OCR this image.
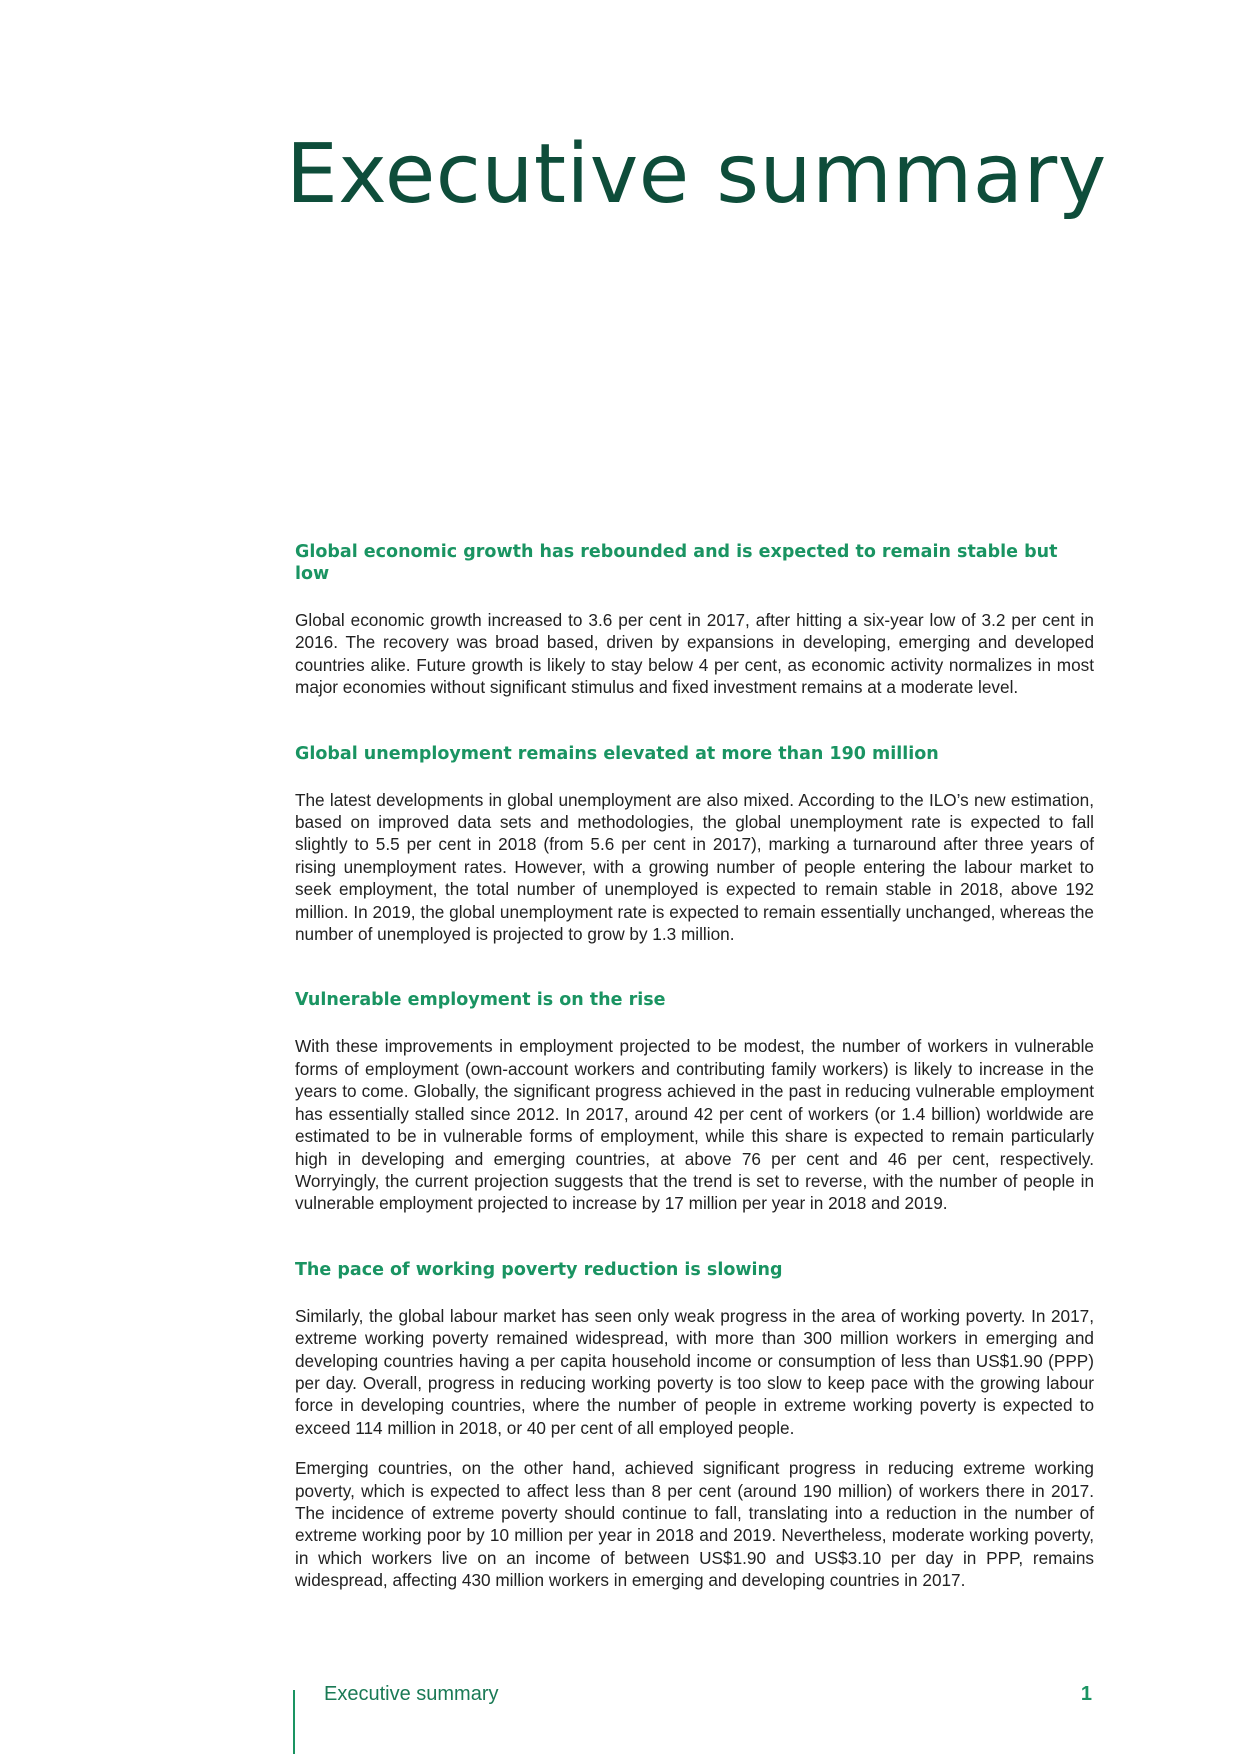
Executive summary
Global economic growth has rebounded and is expected to remain stable but low

Global economic growth increased to 3.6 per cent in 2017, after hitting a six-year low of 3.2 per cent in 2016. The recovery was broad based, driven by expansions in developing, emerging and developed countries alike. Future growth is likely to stay below 4 per cent, as economic activity normalizes in most major economies without significant stimulus and fixed investment remains at a moderate level.

Global unemployment remains elevated at more than 190 million

The latest developments in global unemployment are also mixed. According to the ILO’s new estimation, based on improved data sets and methodologies, the global unemployment rate is expected to fall slightly to 5.5 per cent in 2018 (from 5.6 per cent in 2017), marking a turnaround after three years of rising unemployment rates. However, with a growing number of people entering the labour market to seek employment, the total number of unemployed is expected to remain stable in 2018, above 192 million. In 2019, the global unemployment rate is expected to remain essentially unchanged, whereas the number of unemployed is projected to grow by 1.3 million.

Vulnerable employment is on the rise

With these improvements in employment projected to be modest, the number of workers in vulnerable forms of employment (own-account workers and contributing family workers) is likely to increase in the years to come. Globally, the significant progress achieved in the past in reducing vulnerable employment has essentially stalled since 2012. In 2017, around 42 per cent of workers (or 1.4 billion) worldwide are estimated to be in vulnerable forms of employment, while this share is expected to remain particularly high in developing and emerging countries, at above 76 per cent and 46 per cent, respectively. Worryingly, the current projection suggests that the trend is set to reverse, with the number of people in vulnerable employment projected to increase by 17 million per year in 2018 and 2019.

The pace of working poverty reduction is slowing

Similarly, the global labour market has seen only weak progress in the area of working poverty. In 2017, extreme working poverty remained widespread, with more than 300 million workers in emerging and developing countries having a per capita household income or consumption of less than US$1.90 (PPP) per day. Overall, progress in reducing working poverty is too slow to keep pace with the growing labour force in developing countries, where the number of people in extreme working poverty is expected to exceed 114 million in 2018, or 40 per cent of all employed people.

Emerging countries, on the other hand, achieved significant progress in reducing extreme working poverty, which is expected to affect less than 8 per cent (around 190 million) of workers there in 2017. The incidence of extreme poverty should continue to fall, translating into a reduction in the number of extreme working poor by 10 million per year in 2018 and 2019. Nevertheless, moderate working poverty, in which workers live on an income of between US$1.90 and US$3.10 per day in PPP, remains widespread, affecting 430 million workers in emerging and developing countries in 2017.

Executive summary	1
